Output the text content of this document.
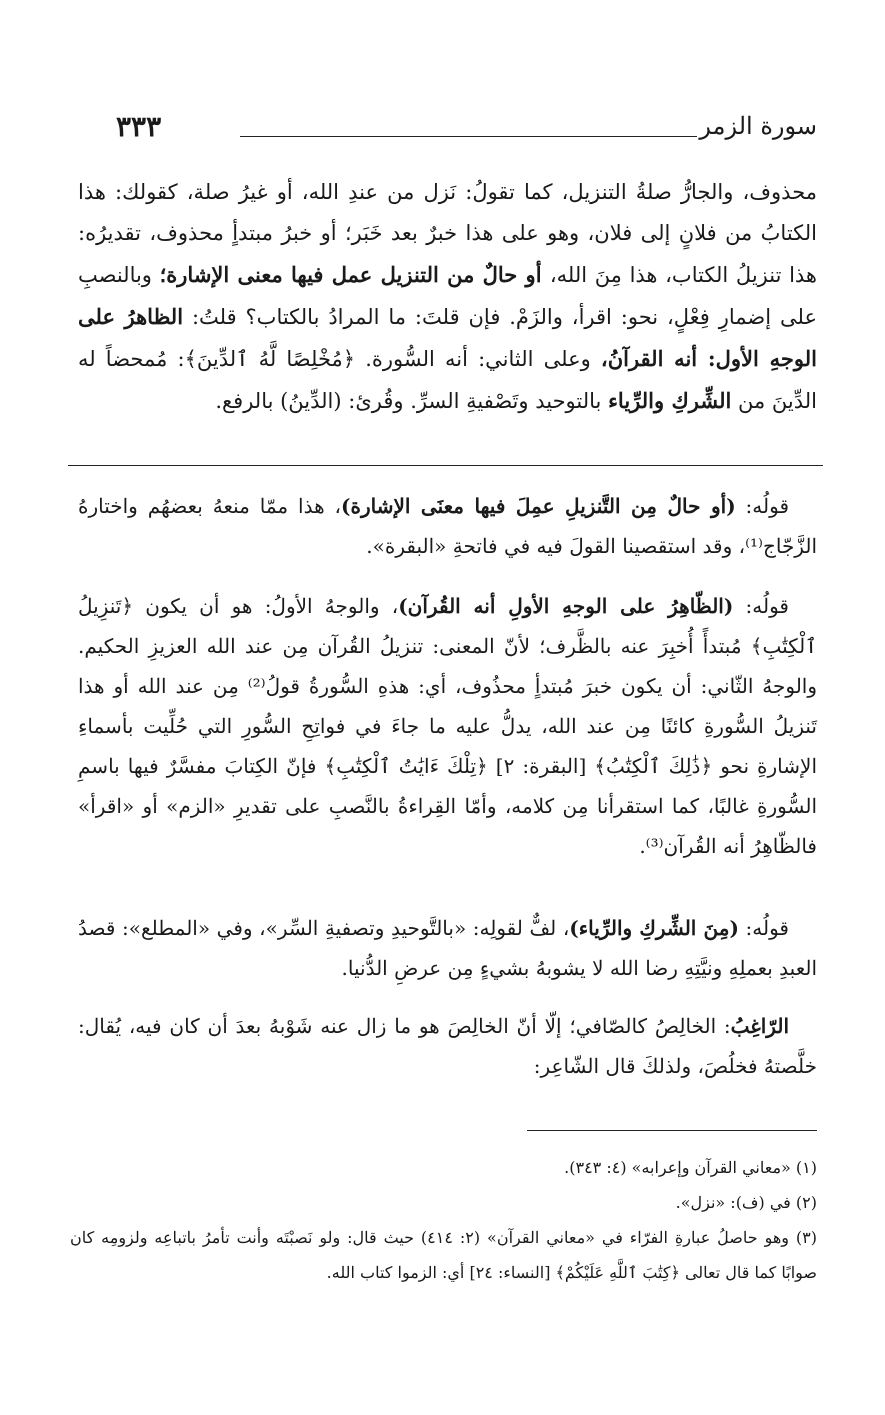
سورة الزمر
٣٣٣

محذوف، والجارُّ صلةُ التنزيل، كما تقولُ: نَزل من عندِ الله، أو غيرُ صلة، كقولك: هذا الكتابُ من فلانٍ إلى فلان، وهو على هذا خبرٌ بعد خَبَر؛ أو خبرُ مبتدأٍ محذوف، تقديرُه: هذا تنزيلُ الكتاب، هذا مِنَ الله، أو حالٌ من التنزيل عمل فيها معنى الإشارة؛ وبالنصبِ على إضمارِ فِعْلٍ، نحو: اقرأ، والزَمْ. فإن قلتَ: ما المرادُ بالكتاب؟ قلتُ: الظاهرُ على الوجهِ الأول: أنه القرآنُ، وعلى الثاني: أنه السُّورة. ﴿مُخْلِصًا لَّهُ ٱلدِّينَ﴾: مُمحضاً له الدِّينَ من الشِّركِ والرِّياء بالتوحيد وتَصْفيةِ السرِّ. وقُرئ: (الدِّينُ) بالرفع.

قولُه: (أو حالٌ مِن التَّنزيلِ عمِلَ فيها معنَى الإشارة)، هذا ممّا منعهُ بعضهُم واختارهُ الزَّجّاج⁽¹⁾، وقد استقصينا القولَ فيه في فاتحةِ «البقرة».

قولُه: (الظّاهِرُ على الوجهِ الأولِ أنه القُرآن)، والوجهُ الأولُ: هو أن يكون ﴿تَنزِيلُ ٱلْكِتَٰبِ﴾ مُبتدأً أُخبِرَ عنه بالظَّرف؛ لأنّ المعنى: تنزيلُ القُرآن مِن عند الله العزيزِ الحكيم. والوجهُ الثّاني: أن يكون خبرَ مُبتدأٍ محذُوف، أي: هذهِ السُّورةُ قولُ⁽²⁾ مِن عند الله أو هذا تَنزيلُ السُّورةِ كائنًا مِن عند الله، يدلُّ عليه ما جاءَ في فواتِحِ السُّورِ التي حُلِّيت بأسماءِ الإشارةِ نحو ﴿ذَٰلِكَ ٱلْكِتَٰبُ﴾ [البقرة: ٢] ﴿تِلْكَ ءَايَٰتُ ٱلْكِتَٰبِ﴾ فإنّ الكِتابَ مفسَّرٌ فيها باسمِ السُّورةِ غالبًا، كما استقرأنا مِن كلامه، وأمّا القِراءةُ بالنَّصبِ على تقديرِ «الزم» أو «اقرأ» فالظّاهِرُ أنه القُرآن⁽³⁾.

قولُه: (مِنَ الشِّركِ والرِّياء)، لفٌّ لقولِه: «بالتَّوحيدِ وتصفيةِ السِّر»، وفي «المطلع»: قصدُ العبدِ بعملِهِ ونيَّتِهِ رضا الله لا يشوبهُ بشيءٍ مِن عرضِ الدُّنيا.

الرّاغِبُ: الخالِصُ كالصّافي؛ إلّا أنّ الخالِصَ هو ما زال عنه شَوْبهُ بعدَ أن كان فيه، يُقال: خلَّصتهُ فخلُصَ، ولذلكَ قال الشّاعِر:

(١) «معاني القرآن وإعرابه» (٤: ٣٤٣).

(٢) في (ف): «نزل».

(٣) وهو حاصلُ عبارةِ الفرّاء في «معاني القرآن» (٢: ٤١٤) حيث قال: ولو نَصبْتَه وأنت تأمرُ باتباعِه ولزومِه كان صوابًا كما قال تعالى ﴿كِتَٰبَ ٱللَّهِ عَلَيْكُمْ﴾ [النساء: ٢٤] أي: الزموا كتاب الله.
